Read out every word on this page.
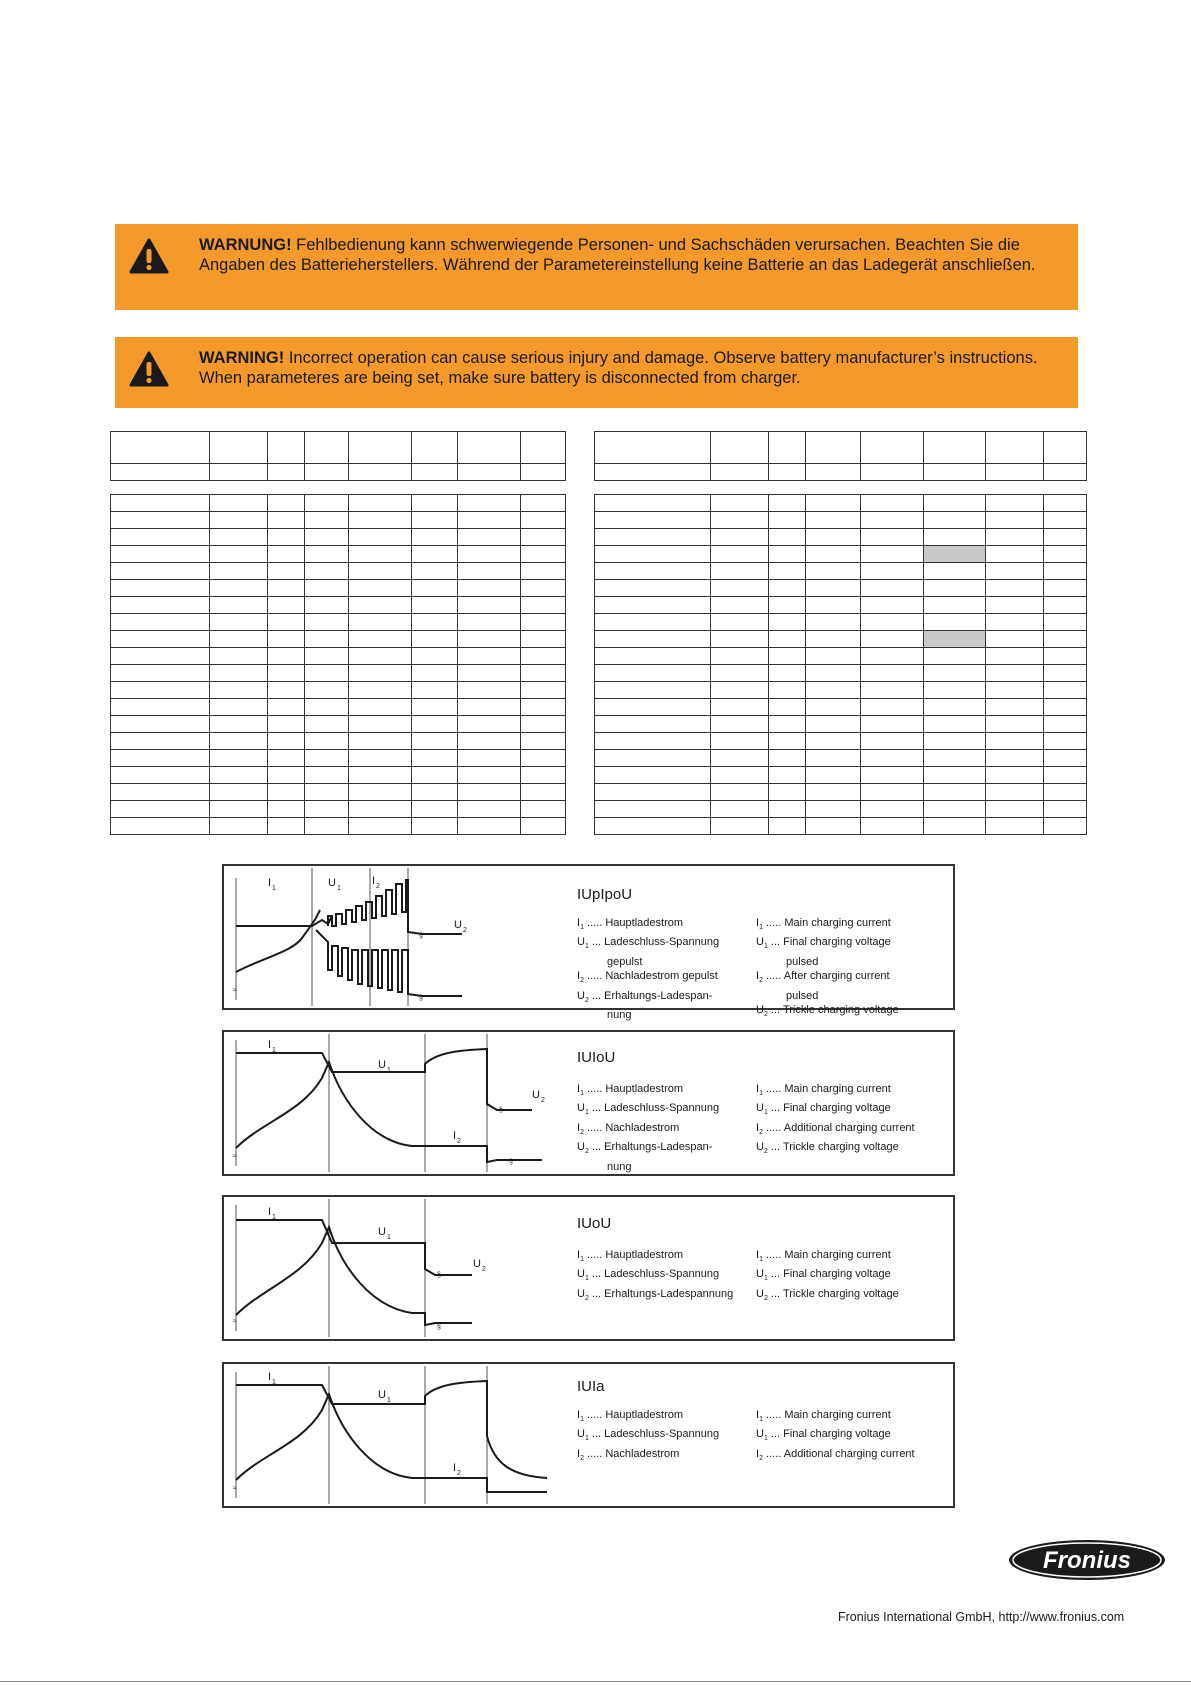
WARNUNG! Fehlbedienung kann schwerwiegende Personen- und Sachschäden verursachen. Beachten Sie die Angaben des Batterieherstellers. Während der Parametereinstellung keine Batterie an das Ladegerät anschließen.
WARNING! Incorrect operation can cause serious injury and damage. Observe battery manufacturer’s instructions. When parameteres are being set, make sure battery is disconnected from charger.

≈
I 1	U 1
I 2
U 2
§
§
IUpIpoU
$I_1$ ..... Hauptladestrom
$U_1$ ... Ladeschluss-Spannung
gepulst
$I_2$ ..... Nachladestrom gepulst
$U_2$ ... Erhaltungs-Ladespan-
nung
$I_1$ ..... Main charging current
$U_1$ ... Final charging voltage
pulsed
$I_2$ ..... After charging current
pulsed
$U_2$ ... Trickle charging voltage
≈
I 1
U 1
I 2
U 2
§
§
IUIoU
$I_1$ ..... Hauptladestrom
$U_1$ ... Ladeschluss-Spannung
$I_2$ ..... Nachladestrom
$U_2$ ... Erhaltungs-Ladespan-
nung
$I_1$ ..... Main charging current
$U_1$ ... Final charging voltage
$I_2$ ..... Additional charging current
$U_2$ ... Trickle charging voltage
≈
I 1
U 1
U 2
§
§
IUoU
$I_1$ ..... Hauptladestrom
$U_1$ ... Ladeschluss-Spannung
$U_2$ ... Erhaltungs-Ladespannung
$I_1$ ..... Main charging current
$U_1$ ... Final charging voltage
$U_2$ ... Trickle charging voltage
≈
I 1
U 1
I 2
IUIa
$I_1$ ..... Hauptladestrom
$U_1$ ... Ladeschluss-Spannung
$I_2$ ..... Nachladestrom
$I_1$ ..... Main charging current
$U_1$ ... Final charging voltage
$I_2$ ..... Additional charging current
Fronius
Fronius International GmbH, http://www.fronius.com
